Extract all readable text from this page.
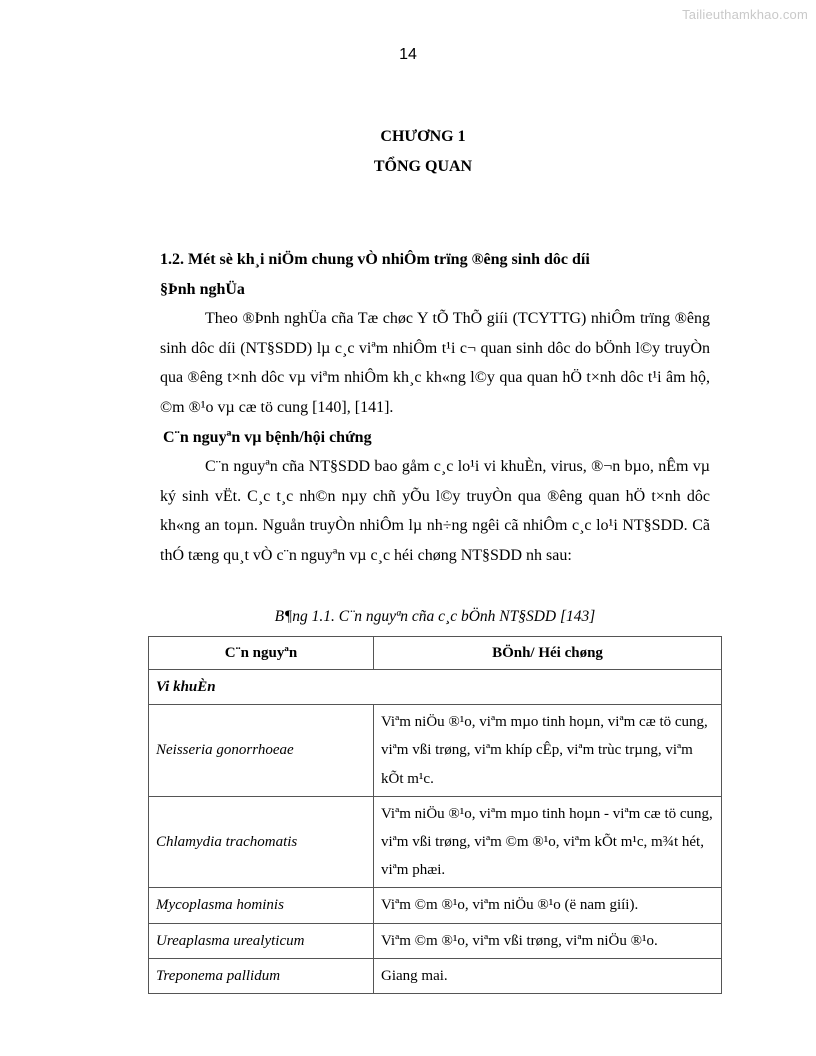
Tailieuthamkhao.com
14
CHƯƠNG 1
TỔNG QUAN
1.2. Mét sè kh¸i niÖm chung vÒ nhiÔm trïng ®êng sinh dôc díi
§Þnh nghÜa

Theo ®Þnh nghÜa cña Tæ chøc Y tÕ ThÕ giíi (TCYTTG) nhiÔm trïng ®êng sinh dôc díi (NT§SDD) lµ c¸c viªm nhiÔm t¹i c¬ quan sinh dôc do bÖnh l©y truyÒn qua ®êng t×nh dôc vµ viªm nhiÔm kh¸c kh«ng l©y qua quan hÖ t×nh dôc t¹i âm hộ, ©m ®¹o vµ cæ tö cung [140], [141].

C¨n nguyªn vµ bệnh/hội chứng

C¨n nguyªn cña NT§SDD bao gåm c¸c lo¹i vi khuÈn, virus, ®¬n bµo, nÊm vµ ký sinh vËt. C¸c t¸c nh©n nµy chñ yÕu l©y truyÒn qua ®êng quan hÖ t×nh dôc kh«ng an toµn. Nguån truyÒn nhiÔm lµ nh÷ng ngêi cã nhiÔm c¸c lo¹i NT§SDD. Cã thÓ tæng qu¸t vÒ c¨n nguyªn vµ c¸c héi chøng NT§SDD nh sau:

B¶ng 1.1. C¨n nguyªn cña c¸c bÖnh NT§SDD [143]
C¨n nguyªn	BÖnh/ Héi chøng
Vi khuÈn	
Neisseria gonorrhoeae	Viªm niÖu ®¹o, viªm mµo tinh hoµn, viªm cæ tö cung, viªm vßi trøng, viªm khíp cÊp, viªm trùc trµng, viªm kÕt m¹c.
Chlamydia trachomatis	Viªm niÖu ®¹o, viªm mµo tinh hoµn - viªm cæ tö cung, viªm vßi trøng, viªm ©m ®¹o, viªm kÕt m¹c, m¾t hét, viªm phæi.
Mycoplasma hominis	Viªm ©m ®¹o, viªm niÖu ®¹o (ë nam giíi).
Ureaplasma urealyticum	Viªm ©m ®¹o, viªm vßi trøng, viªm niÖu ®¹o.
Treponema pallidum	Giang mai.
